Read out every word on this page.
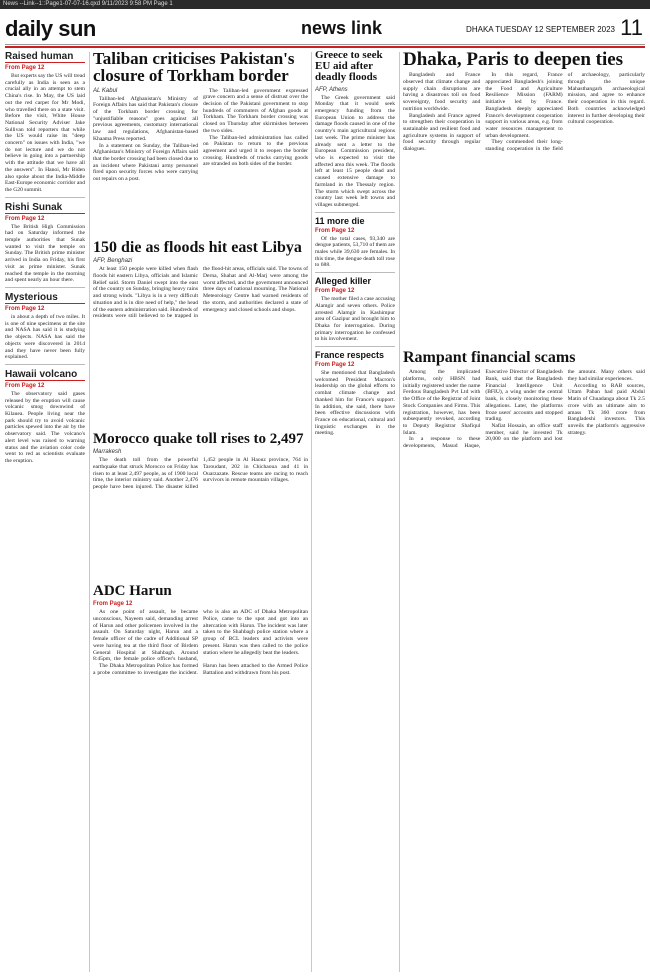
News --Link--1::Page1-07-07-16.qxd 9/11/2023 9:58 PM Page 1
daily sun	news link	DHAKA TUESDAY 12 SEPTEMBER 2023 11
Raised human
From Page 12

But experts say the US will tread carefully as India is seen as a crucial ally in an attempt to stem China's rise. In May, the US laid out the red carpet for Mr Modi, who travelled there on a state visit. Before the visit, White House National Security Adviser Jake Sullivan told reporters that while the US would raise its "deep concern" on issues with India, "we do not lecture and we do not believe in going into a partnership with the attitude that we have all the answers". In Hanoi, Mr Biden also spoke about the India-Middle East-Europe economic corridor and the G20 summit.

Rishi Sunak
From Page 12

The British High Commission had on Saturday informed the temple authorities that Sunak wanted to visit the temple on Sunday. The British prime minister arrived in India on Friday, his first visit as prime minister. Sunak reached the temple in the morning and spent nearly an hour there.

Mysterious
From Page 12

in about a depth of two miles. It is one of nine specimens at the site and NASA has said it is studying the objects. NASA has said the objects were discovered in 2014 and they have never been fully explained.

Hawaii volcano
From Page 12

The observatory said gases released by the eruption will cause volcanic smog downwind of Kilauea. People living near the park should try to avoid volcanic particles spewed into the air by the observatory said. The volcano's alert level was raised to warning status and the aviation color code went to red as scientists evaluate the eruption.

Taliban criticises Pakistan's closure of Torkham border
AL Kabul

Taliban-led Afghanistan's Ministry of Foreign Affairs has said that Pakistan's closure of the Torkham border crossing for "unjustifiable reasons" goes against all previous agreements, customary international law and regulations, Afghanistan-based Khaama Press reported.

In a statement on Sunday, the Taliban-led Afghanistan's Ministry of Foreign Affairs said that the border crossing had been closed due to an incident where Pakistani army personnel fired upon security forces who were carrying out repairs on a post.

The Taliban-led government expressed grave concern and a sense of distrust over the decision of the Pakistani government to stop hundreds of commuters of Afghan goods at Torkham. The Torkham border crossing was closed on Thursday after skirmishes between the two sides.

The Taliban-led administration has called on Pakistan to return to the previous agreement and urged it to reopen the border crossing. Hundreds of trucks carrying goods are stranded on both sides of the border.

150 die as floods hit east Libya
AFP, Benghazi

At least 150 people were killed when flash floods hit eastern Libya, officials and Islamic Relief said. Storm Daniel swept into the east of the country on Sunday, bringing heavy rains and strong winds. "Libya is in a very difficult situation and is in dire need of help," the head of the eastern administration said. Hundreds of residents were still believed to be trapped in the flood-hit areas, officials said. The towns of Derna, Shahat and Al-Marj were among the worst affected, and the government announced three days of national mourning. The National Meteorology Centre had warned residents of the storm, and authorities declared a state of emergency and closed schools and shops.

Morocco quake toll rises to 2,497
Marrakesh

The death toll from the powerful earthquake that struck Morocco on Friday has risen to at least 2,497 people, as of 1900 local time, the interior ministry said. Another 2,476 people have been injured. The disaster killed 1,452 people in Al Haouz province, 764 in Taroudant, 202 in Chichaoua and 41 in Ouarzazate. Rescue teams are racing to reach survivors in remote mountain villages.

ADC Harun
From Page 12

As one point of assault, he became unconscious, Nayeem said, demanding arrest of Harun and other policemen involved in the assault. On Saturday night, Harun and a female officer of the cadre of Additional SP were having tea at the third floor of Birdem General Hospital at Shahbagh. Around 8:45pm, the female police officer's husband, who is also an ADC of Dhaka Metropolitan Police, came to the spot and got into an altercation with Harun. The incident was later taken to the Shahbagh police station where a group of BCL leaders and activists were present. Harun was then called to the police station where he allegedly beat the leaders.

The Dhaka Metropolitan Police has formed a probe committee to investigate the incident. Harun has been attached to the Armed Police Battalion and withdrawn from his post.

Greece to seek EU aid after deadly floods
AFP, Athens

The Greek government said Monday that it would seek emergency funding from the European Union to address the damage floods caused in one of the country's main agricultural regions last week. The prime minister has already sent a letter to the European Commission president, who is expected to visit the affected area this week. The floods left at least 15 people dead and caused extensive damage to farmland in the Thessaly region. The storm which swept across the country last week left towns and villages submerged.

11 more die
From Page 12

Of the total cases, 93,340 are dengue patients, 53,710 of them are males while 39,630 are females. In this time, the dengue death toll rose to 688.

Alleged killer
From Page 12

The mother filed a case accusing Alamgir and seven others. Police arrested Alamgir in Kashimpur area of Gazipur and brought him to Dhaka for interrogation. During primary interrogation he confessed to his involvement.

France respects
From Page 12

She mentioned that Bangladesh welcomed President Macron's leadership on the global efforts to combat climate change and thanked him for France's support. In addition, she said, there have been effective discussions with France on educational, cultural and linguistic exchanges in the meeting.

Dhaka, Paris to deepen ties

Bangladesh and France observed that climate change and supply chain disruptions are having a disastrous toll on food sovereignty, food security and nutrition worldwide.

Bangladesh and France agreed to strengthen their cooperation in sustainable and resilient food and agriculture systems in support of food security through regular dialogues.

In this regard, France appreciated Bangladesh's joining the Food and Agriculture Resilience Mission (FARM) initiative led by France. Bangladesh deeply appreciated France's development cooperation support in various areas, e.g. from water resources management to urban development.

They commended their long-standing cooperation in the field of archaeology, particularly through the unique Mahasthangarh archaeological mission, and agree to enhance their cooperation in this regard. Both countries acknowledged interest in further developing their cultural cooperation.

Rampant financial scams

Among the implicated platforms, only HBSN had initially registered under the name Ferdous Bangladesh Pvt Ltd with the Office of the Registrar of Joint Stock Companies and Firms. This registration, however, has been subsequently revoked, according to Deputy Registrar Shafiqul Islam.

In a response to these developments, Masud Haque, Executive Director of Bangladesh Bank, said that the Bangladesh Financial Intelligence Unit (BFIU), a wing under the central bank, is closely monitoring these allegations. Later, the platforms froze users' accounts and stopped trading.

Nafiat Hossain, an office staff member, said he invested Tk 20,000 on the platform and lost the amount. Many others said they had similar experiences.

According to RAB sources, Uttam Paban had paid Abdul Matin of Chuadanga about Tk 2.5 crore with an ultimate aim to amass Tk 360 crore from Bangladeshi investors. This unveils the platform's aggressive strategy.
